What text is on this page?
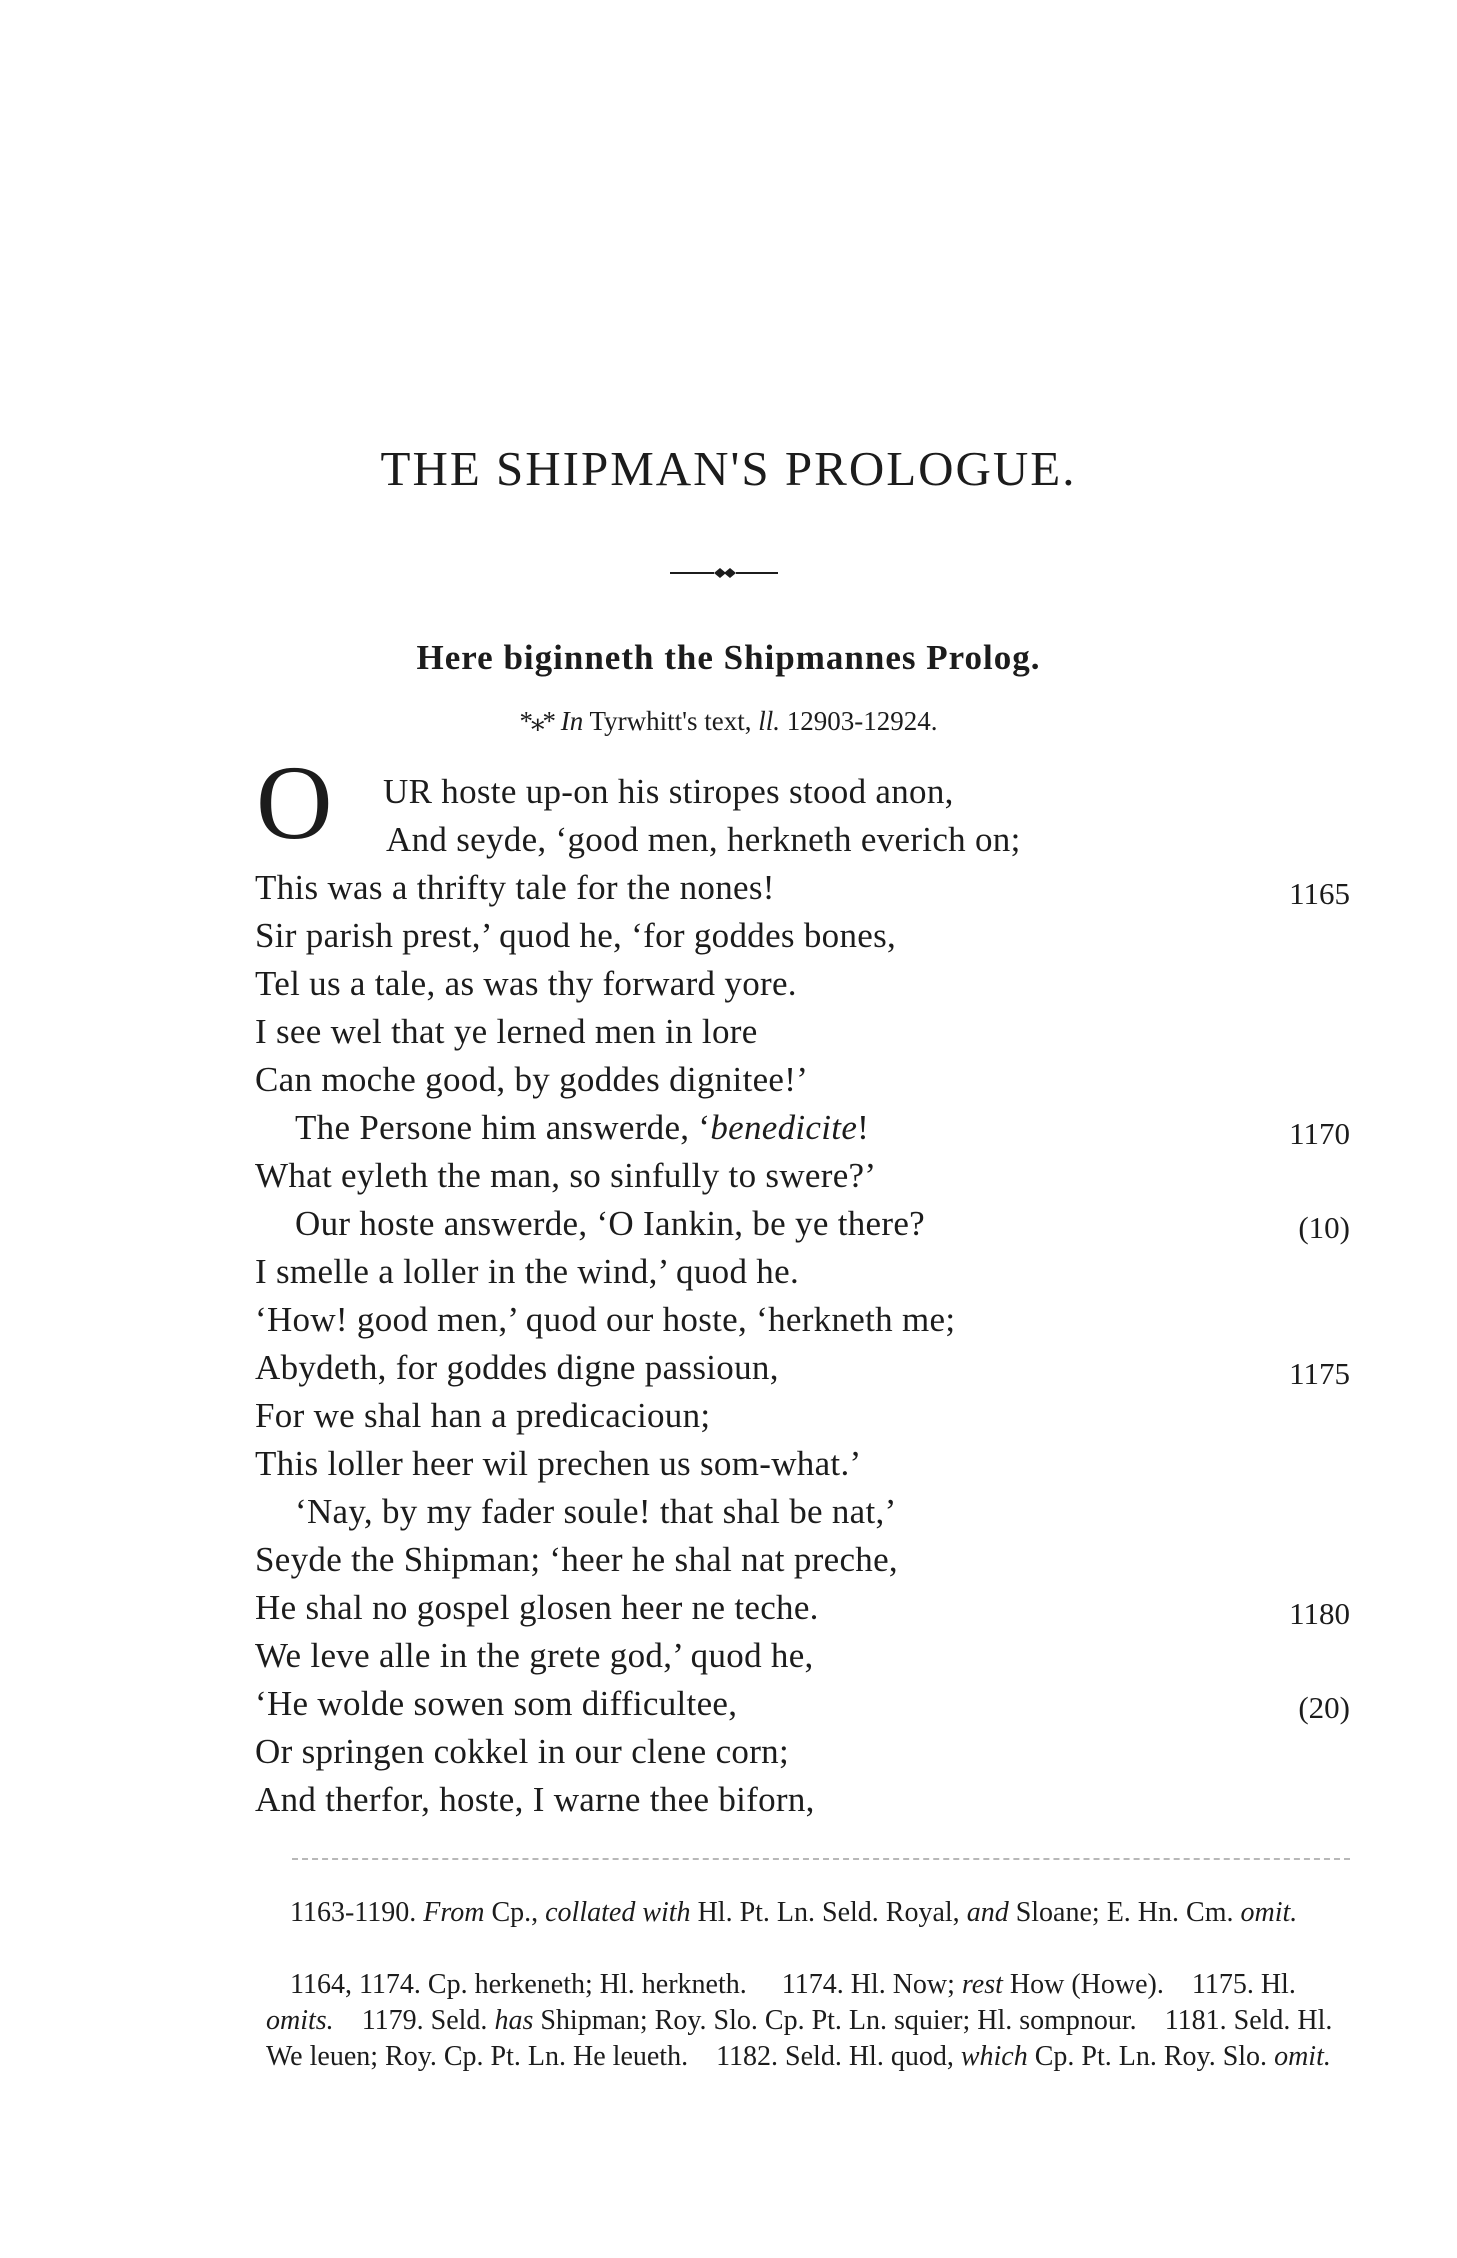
THE SHIPMAN'S PROLOGUE.
Here biginneth the Shipmannes Prolog.
*⁎* In Tyrwhitt's text, ll. 12903-12924.
O UR hoste up-on his stiropes stood anon,
And seyde, ‘good men, herkneth everich on;
This was a thrifty tale for the nones!
Sir parish prest,’ quod he, ‘for goddes bones,
Tel us a tale, as was thy forward yore.
I see wel that ye lerned men in lore
Can moche good, by goddes dignitee!’
The Persone him answerde, ‘benedicite!
What eyleth the man, so sinfully to swere?’
Our hoste answerde, ‘O Iankin, be ye there?
I smelle a loller in the wind,’ quod he.
‘How! good men,’ quod our hoste, ‘herkneth me;
Abydeth, for goddes digne passioun,
For we shal han a predicacioun;
This loller heer wil prechen us som-what.’
‘Nay, by my fader soule! that shal be nat,’
Seyde the Shipman; ‘heer he shal nat preche,
He shal no gospel glosen heer ne teche.
We leve alle in the grete god,’ quod he,
‘He wolde sowen som difficultee,
Or springen cokkel in our clene corn;
And therfor, hoste, I warne thee biforn,
1165
1170
(10)
1175
1180
(20)
1163-1190. From Cp., collated with Hl. Pt. Ln. Seld. Royal, and Sloane; E. Hn. Cm. omit.
1164, 1174. Cp. herkeneth; Hl. herkneth. 1174. Hl. Now; rest How (Howe). 1175. Hl. omits. 1179. Seld. has Shipman; Roy. Slo. Cp. Pt. Ln. squier; Hl. sompnour. 1181. Seld. Hl. We leuen; Roy. Cp. Pt. Ln. He leueth. 1182. Seld. Hl. quod, which Cp. Pt. Ln. Roy. Slo. omit.
